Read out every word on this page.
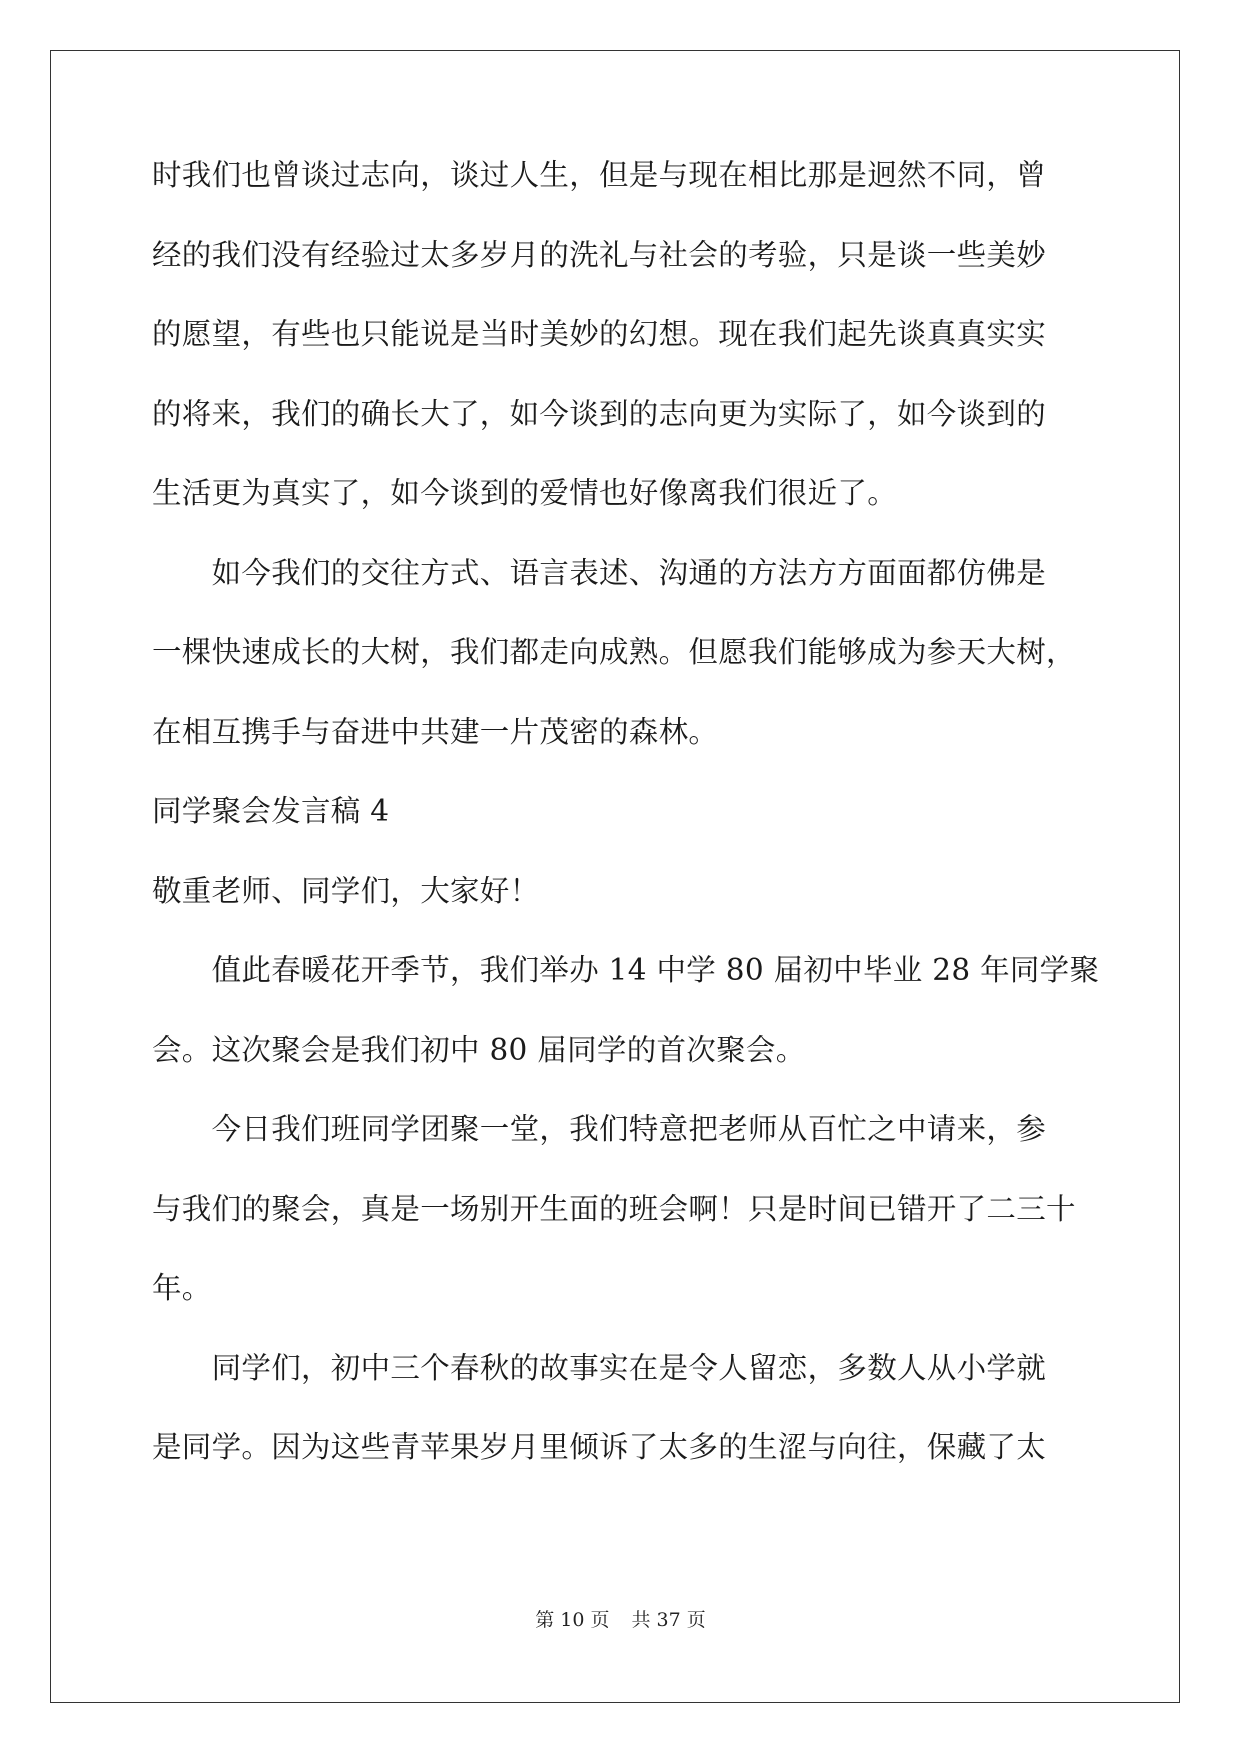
时我们也曾谈过志向，谈过人生，但是与现在相比那是迥然不同，曾
经的我们没有经验过太多岁月的洗礼与社会的考验，只是谈一些美妙
的愿望，有些也只能说是当时美妙的幻想。现在我们起先谈真真实实
的将来，我们的确长大了，如今谈到的志向更为实际了，如今谈到的
生活更为真实了，如今谈到的爱情也好像离我们很近了。
　　如今我们的交往方式、语言表述、沟通的方法方方面面都仿佛是
一棵快速成长的大树，我们都走向成熟。但愿我们能够成为参天大树，
在相互携手与奋进中共建一片茂密的森林。
同学聚会发言稿 4
敬重老师、同学们，大家好！
　　值此春暖花开季节，我们举办 14 中学 80 届初中毕业 28 年同学聚
会。这次聚会是我们初中 80 届同学的首次聚会。
　　今日我们班同学团聚一堂，我们特意把老师从百忙之中请来，参
与我们的聚会，真是一场别开生面的班会啊！只是时间已错开了二三十
年。
　　同学们，初中三个春秋的故事实在是令人留恋，多数人从小学就
是同学。因为这些青苹果岁月里倾诉了太多的生涩与向往，保藏了太
第 10 页 共 37 页
